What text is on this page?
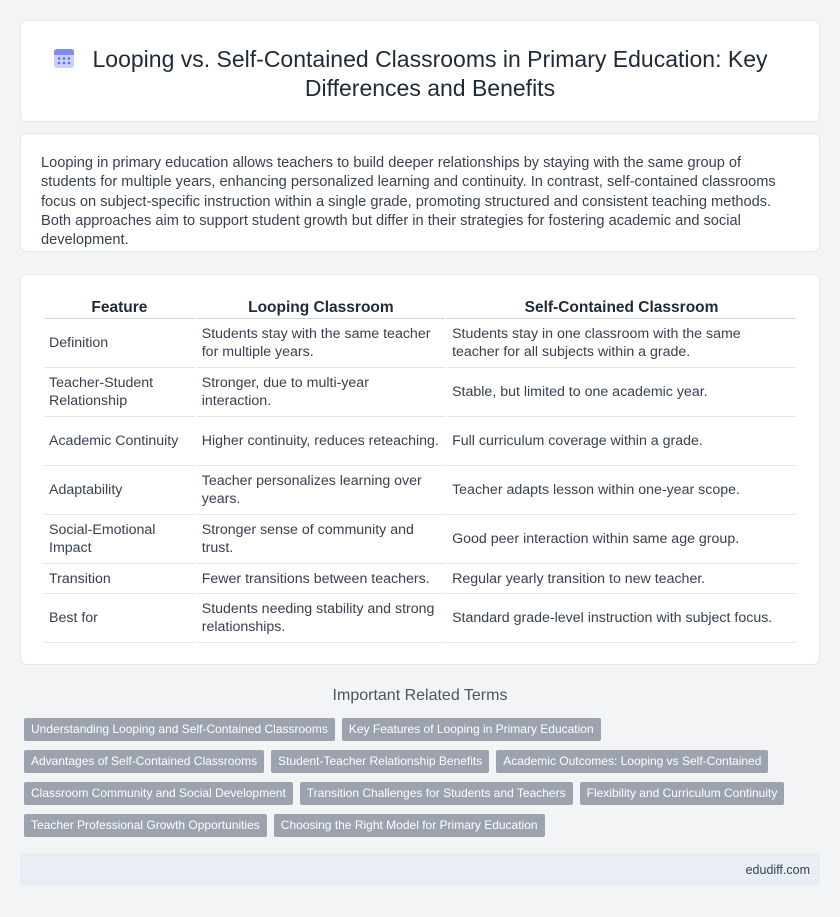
Looping vs. Self-Contained Classrooms in Primary Education: Key Differences and Benefits

Looping in primary education allows teachers to build deeper relationships by staying with the same group of students for multiple years, enhancing personalized learning and continuity. In contrast, self-contained classrooms focus on subject-specific instruction within a single grade, promoting structured and consistent teaching methods. Both approaches aim to support student growth but differ in their strategies for fostering academic and social development.

Feature	Looping Classroom	Self-Contained Classroom
Definition	Students stay with the same teacher for multiple years.	Students stay in one classroom with the same teacher for all subjects within a grade.
Teacher-Student Relationship	Stronger, due to multi-year interaction.	Stable, but limited to one academic year.
Academic Continuity	Higher continuity, reduces reteaching.	Full curriculum coverage within a grade.
Adaptability	Teacher personalizes learning over years.	Teacher adapts lesson within one-year scope.
Social-Emotional Impact	Stronger sense of community and trust.	Good peer interaction within same age group.
Transition	Fewer transitions between teachers.	Regular yearly transition to new teacher.
Best for	Students needing stability and strong relationships.	Standard grade-level instruction with subject focus.
Important Related Terms
Understanding Looping and Self-Contained Classrooms	Key Features of Looping in Primary Education
Advantages of Self-Contained Classrooms	Student-Teacher Relationship Benefits	Academic Outcomes: Looping vs Self-Contained
Classroom Community and Social Development	Transition Challenges for Students and Teachers	Flexibility and Curriculum Continuity
Teacher Professional Growth Opportunities	Choosing the Right Model for Primary Education
edudiff.com
